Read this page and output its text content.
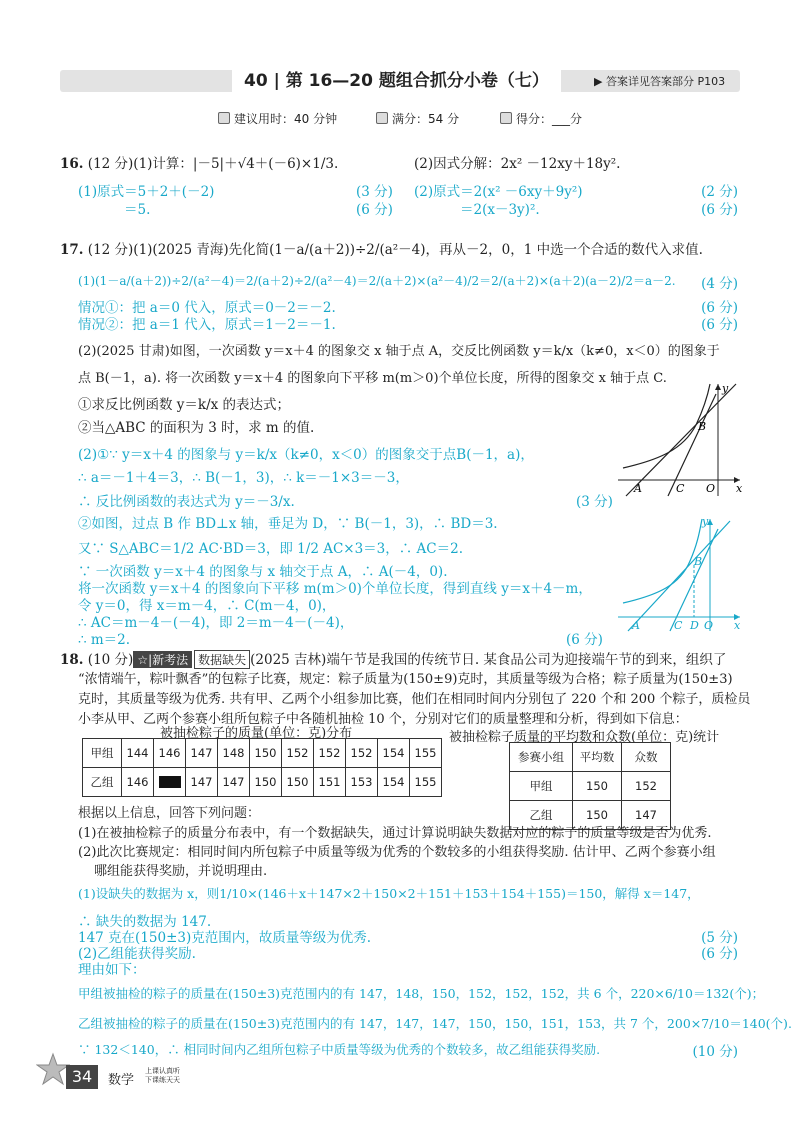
40 | 第 16—20 题组合抓分小卷（七）	▶ 答案详见答案部分 P103
建议用时：40 分钟	满分：54 分	得分：___分
16. (12 分)(1)计算：|－5|＋√4＋(－6)×1/3.	(2)因式分解：2x² －12xy＋18y².
(1)原式＝5＋2＋(－2)	(3 分)
＝5.	(6 分)
(2)原式＝2(x² －6xy＋9y²)	(2 分)
＝2(x－3y)².	(6 分)
17. (12 分)(1)(2025 青海)先化简(1－a/(a＋2))÷2/(a²－4)，再从－2，0，1 中选一个合适的数代入求值.
(1)(1－a/(a＋2))÷2/(a²－4)＝2/(a＋2)÷2/(a²－4)＝2/(a＋2)×(a²－4)/2＝2/(a＋2)×(a＋2)(a－2)/2＝a－2. (4 分)
情况①：把 a＝0 代入，原式＝0－2＝－2.	(6 分)
情况②：把 a＝1 代入，原式＝1－2＝－1.	(6 分)
(2)(2025 甘肃)如图，一次函数 y＝x＋4 的图象交 x 轴于点 A，交反比例函数 y＝k/x（k≠0，x＜0）的图象于
点 B(－1，a). 将一次函数 y＝x＋4 的图象向下平移 m(m＞0)个单位长度，所得的图象交 x 轴于点 C.
①求反比例函数 y＝k/x 的表达式；
②当△ABC 的面积为 3 时，求 m 的值.
A	C O
B
x
y
(2)①∵ y＝x＋4 的图象与 y＝k/x（k≠0，x＜0）的图象交于点B(－1，a)，
∴ a＝－1＋4＝3，∴ B(－1，3)，∴ k＝－1×3＝－3，
∴ 反比例函数的表达式为 y＝－3/x.	(3 分)
②如图，过点 B 作 BD⊥x 轴，垂足为 D，∵ B(－1，3)，∴ BD＝3.
又∵ S△ABC＝1/2 AC·BD＝3，即 1/2 AC×3＝3，∴ AC＝2.
∵ 一次函数 y＝x＋4 的图象与 x 轴交于点 A，∴ A(－4，0).
将一次函数 y＝x＋4 的图象向下平移 m(m＞0)个单位长度，得到直线 y＝x＋4－m，
令 y＝0，得 x＝m－4，∴ C(m－4，0)，
∴ AC＝m－4－(－4)，即 2＝m－4－(－4)，
∴ m＝2.	(6 分)
A	C D O
B
x
y
18. (10 分) ☆|新考法 数据缺失 (2025 吉林)端午节是我国的传统节日. 某食品公司为迎接端午节的到来，组织了
“浓情端午，粽叶飘香”的包粽子比赛，规定：粽子质量为(150±9)克时，其质量等级为合格；粽子质量为(150±3)
克时，其质量等级为优秀. 共有甲、乙两个小组参加比赛，他们在相同时间内分别包了 220 个和 200 个粽子，质检员
小李从甲、乙两个参赛小组所包粽子中各随机抽检 10 个，分别对它们的质量整理和分析，得到如下信息：
被抽检粽子的质量(单位：克)分布
甲组	144	146	147	148	150	152	152	152	154	155
乙组	146		147	147	150	150	151	153	154	155
被抽检粽子质量的平均数和众数(单位：克)统计
参赛小组	平均数	众数
甲组	150	152
乙组	150	147
根据以上信息，回答下列问题：
(1)在被抽检粽子的质量分布表中，有一个数据缺失，通过计算说明缺失数据对应的粽子的质量等级是否为优秀.
(2)此次比赛规定：相同时间内所包粽子中质量等级为优秀的个数较多的小组获得奖励. 估计甲、乙两个参赛小组
哪组能获得奖励，并说明理由.
(1)设缺失的数据为 x，则1/10×(146＋x＋147×2＋150×2＋151＋153＋154＋155)＝150，解得 x＝147，
∴ 缺失的数据为 147.
147 克在(150±3)克范围内，故质量等级为优秀.	(5 分)
(2)乙组能获得奖励.	(6 分)
理由如下：
甲组被抽检的粽子的质量在(150±3)克范围内的有 147，148，150，152，152，152，共 6 个，220×6/10＝132(个)；
乙组被抽检的粽子的质量在(150±3)克范围内的有 147，147，147，150，150，151，153，共 7 个，200×7/10＝140(个).
∵ 132＜140，∴ 相同时间内乙组所包粽子中质量等级为优秀的个数较多，故乙组能获得奖励.	(10 分)
34	数学
上课认真听
下课练天天
